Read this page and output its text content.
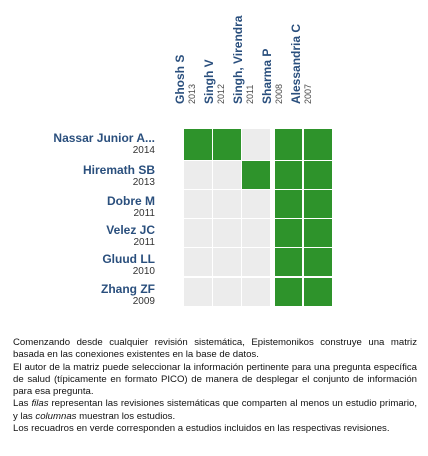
Ghosh S 2013 Singh V 2012 Singh, Virendra 2011 Sharma P 2008 Alessandria C 2007
Nassar Junior A...
2014
Hiremath SB
2013
Dobre M
2011
Velez JC
2011
Gluud LL
2010
Zhang ZF
2009

Comenzando desde cualquier revisión sistemática, Epistemonikos construye una matriz basada en las conexiones existentes en la base de datos.

El autor de la matriz puede seleccionar la información pertinente para una pregunta específica de salud (típicamente en formato PICO) de manera de desplegar el conjunto de información para esa pregunta.

Las filas representan las revisiones sistemáticas que comparten al menos un estudio primario, y las columnas muestran los estudios.

Los recuadros en verde corresponden a estudios incluidos en las respectivas revisiones.
